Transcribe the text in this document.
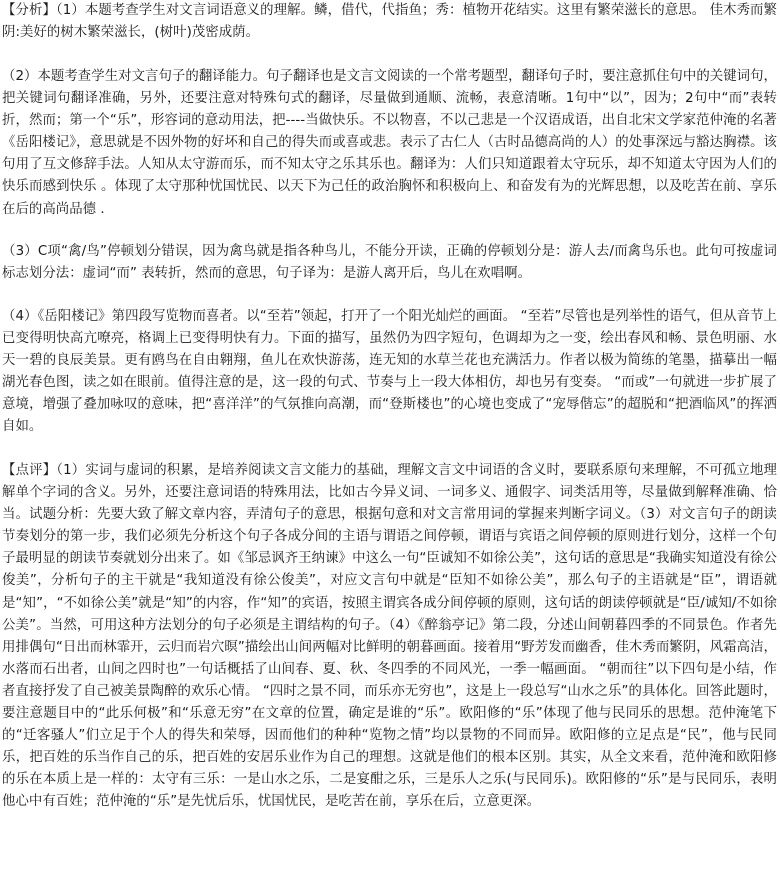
【分析】（1）本题考查学生对文言词语意义的理解。鳞，借代，代指鱼；秀：植物开花结实。这里有繁荣滋长的意思。 佳木秀而繁阴:美好的树木繁荣滋长，(树叶)茂密成荫。

（2）本题考查学生对文言句子的翻译能力。句子翻译也是文言文阅读的一个常考题型，翻译句子时，要注意抓住句中的关键词句，把关键词句翻译准确，另外，还要注意对特殊句式的翻译，尽量做到通顺、流畅，表意清晰。1句中“以”，因为；2句中“而”表转折，然而；第一个“乐”，形容词的意动用法，把----当做快乐。不以物喜，不以己悲是一个汉语成语，出自北宋文学家范仲淹的名著《岳阳楼记》，意思就是不因外物的好坏和自己的得失而或喜或悲。表示了古仁人（古时品德高尚的人）的处事深远与豁达胸襟。该句用了互文修辞手法。人知从太守游而乐，而不知太守之乐其乐也。翻译为：人们只知道跟着太守玩乐，却不知道太守因为人们的快乐而感到快乐 。体现了太守那种忧国忧民、以天下为己任的政治胸怀和积极向上、和奋发有为的光辉思想，以及吃苦在前、享乐在后的高尚品德 .

（3）C项“禽/鸟”停顿划分错误，因为禽鸟就是指各种鸟儿，不能分开读，正确的停顿划分是：游人去/而禽鸟乐也。此句可按虚词标志划分法：虚词“而” 表转折，然而的意思，句子译为：是游人离开后，鸟儿在欢唱啊。

（4）《岳阳楼记》第四段写览物而喜者。以“至若”领起，打开了一个阳光灿烂的画面。 “至若”尽管也是列举性的语气，但从音节上已变得明快高亢嘹亮，格调上已变得明快有力。下面的描写，虽然仍为四字短句，色调却为之一变，绘出春风和畅、景色明丽、水天一碧的良辰美景。更有鸥鸟在自由翱翔，鱼儿在欢快游荡，连无知的水草兰花也充满活力。作者以极为简练的笔墨，描摹出一幅湖光春色图，读之如在眼前。值得注意的是，这一段的句式、节奏与上一段大体相仿，却也另有变奏。 “而或”一句就进一步扩展了意境，增强了叠加咏叹的意味，把“喜洋洋”的气氛推向高潮，而“登斯楼也”的心境也变成了“宠辱偕忘”的超脱和“把酒临风”的挥洒自如。

【点评】（1）实词与虚词的积累，是培养阅读文言文能力的基础，理解文言文中词语的含义时，要联系原句来理解，不可孤立地理解单个字词的含义。另外，还要注意词语的特殊用法，比如古今异义词、一词多义、通假字、词类活用等，尽量做到解释准确、恰当。试题分析：先要大致了解文章内容，弄清句子的意思，根据句意和对文言常用词的掌握来判断字词义。（3）对文言句子的朗读节奏划分的第一步，我们必须先分析这个句子各成分间的主语与谓语之间停顿，谓语与宾语之间停顿的原则进行划分，这样一个句子最明显的朗读节奏就划分出来了。如《邹忌讽齐王纳谏》中这么一句“臣诚知不如徐公美”，这句话的意思是“我确实知道没有徐公俊美”，分析句子的主干就是“我知道没有徐公俊美”，对应文言句中就是“臣知不如徐公美”，那么句子的主语就是“臣”，谓语就是“知”，“不如徐公美”就是“知”的内容，作“知”的宾语，按照主谓宾各成分间停顿的原则，这句话的朗读停顿就是“臣/诚知/不如徐公美”。当然，可用这种方法划分的句子必须是主谓结构的句子。（4）《醉翁亭记》第二段，分述山间朝暮四季的不同景色。作者先用排偶句“日出而林霏开，云归而岩穴暝”描绘出山间两幅对比鲜明的朝暮画面。接着用“野芳发而幽香，佳木秀而繁阴，风霜高洁，水落而石出者，山间之四时也”一句话概括了山间春、夏、秋、冬四季的不同风光，一季一幅画面。 “朝而往”以下四句是小结，作者直接抒发了自己被美景陶醉的欢乐心情。 “四时之景不同，而乐亦无穷也”，这是上一段总写“山水之乐”的具体化。回答此题时，要注意题目中的“此乐何极”和“乐意无穷”在文章的位置，确定是谁的“乐”。欧阳修的“乐”体现了他与民同乐的思想。范仲淹笔下的“迁客骚人”们立足于个人的得失和荣辱，因而他们的种种“览物之情”均以景物的不同而异。欧阳修的立足点是“民”，他与民同乐，把百姓的乐当作自己的乐，把百姓的安居乐业作为自己的理想。这就是他们的根本区别。其实，从全文来看，范仲淹和欧阳修的乐在本质上是一样的：太守有三乐：一是山水之乐，二是宴酣之乐，三是乐人之乐(与民同乐)。欧阳修的“乐”是与民同乐，表明他心中有百姓；范仲淹的“乐”是先忧后乐，忧国忧民，是吃苦在前，享乐在后，立意更深。
